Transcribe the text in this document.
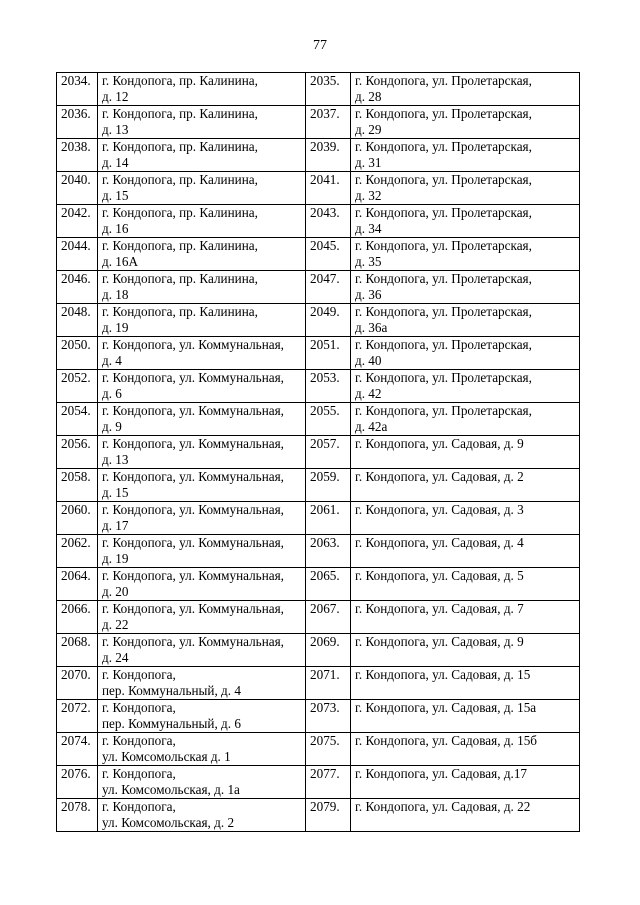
77
2034.	г. Кондопога, пр. Калинина,
д. 12	2035.	г. Кондопога, ул. Пролетарская,
д. 28

2036.	г. Кондопога, пр. Калинина,
д. 13	2037.	г. Кондопога, ул. Пролетарская,
д. 29

2038.	г. Кондопога, пр. Калинина,
д. 14	2039.	г. Кондопога, ул. Пролетарская,
д. 31

2040.	г. Кондопога, пр. Калинина,
д. 15	2041.	г. Кондопога, ул. Пролетарская,
д. 32

2042.	г. Кондопога, пр. Калинина,
д. 16	2043.	г. Кондопога, ул. Пролетарская,
д. 34

2044.	г. Кондопога, пр. Калинина,
д. 16А	2045.	г. Кондопога, ул. Пролетарская,
д. 35

2046.	г. Кондопога, пр. Калинина,
д. 18	2047.	г. Кондопога, ул. Пролетарская,
д. 36

2048.	г. Кондопога, пр. Калинина,
д. 19	2049.	г. Кондопога, ул. Пролетарская,
д. 36а

2050.	г. Кондопога, ул. Коммунальная,
д. 4	2051.	г. Кондопога, ул. Пролетарская,
д. 40

2052.	г. Кондопога, ул. Коммунальная,
д. 6	2053.	г. Кондопога, ул. Пролетарская,
д. 42

2054.	г. Кондопога, ул. Коммунальная,
д. 9	2055.	г. Кондопога, ул. Пролетарская,
д. 42а

2056.	г. Кондопога, ул. Коммунальная,
д. 13	2057.	г. Кондопога, ул. Садовая, д. 9

2058.	г. Кондопога, ул. Коммунальная,
д. 15	2059.	г. Кондопога, ул. Садовая, д. 2

2060.	г. Кондопога, ул. Коммунальная,
д. 17	2061.	г. Кондопога, ул. Садовая, д. 3

2062.	г. Кондопога, ул. Коммунальная,
д. 19	2063.	г. Кондопога, ул. Садовая, д. 4

2064.	г. Кондопога, ул. Коммунальная,
д. 20	2065.	г. Кондопога, ул. Садовая, д. 5

2066.	г. Кондопога, ул. Коммунальная,
д. 22	2067.	г. Кондопога, ул. Садовая, д. 7

2068.	г. Кондопога, ул. Коммунальная,
д. 24	2069.	г. Кондопога, ул. Садовая, д. 9

2070.	г. Кондопога,
пер. Коммунальный, д. 4	2071.	г. Кондопога, ул. Садовая, д. 15

2072.	г. Кондопога,
пер. Коммунальный, д. 6	2073.	г. Кондопога, ул. Садовая, д. 15а

2074.	г. Кондопога,
ул. Комсомольская д. 1	2075.	г. Кондопога, ул. Садовая, д. 15б

2076.	г. Кондопога,
ул. Комсомольская, д. 1а	2077.	г. Кондопога, ул. Садовая, д.17

2078.	г. Кондопога,
ул. Комсомольская, д. 2	2079.	г. Кондопога, ул. Садовая, д. 22
